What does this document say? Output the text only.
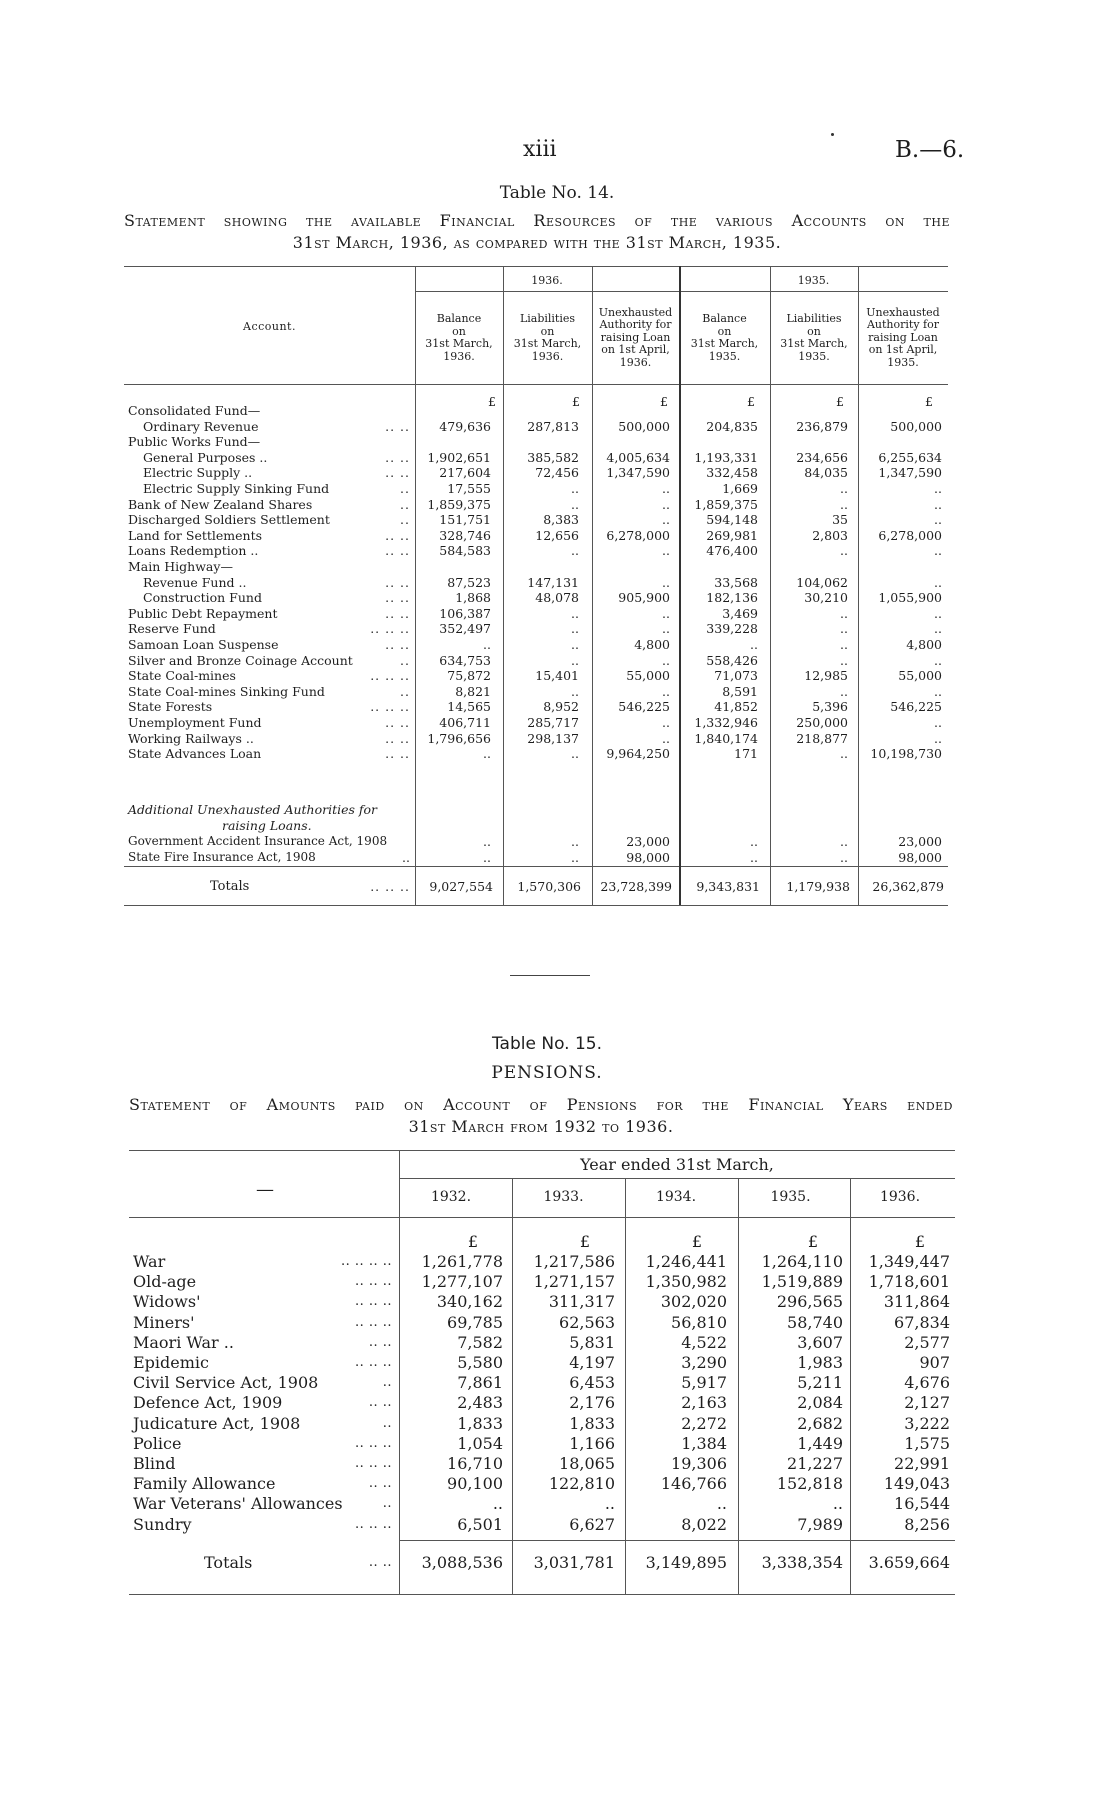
xiii	B.—6.
Table No. 14.
Statement showing the available Financial Resources of the various Accounts on the
31st March, 1936, as compared with the 31st March, 1935.
1936.	1935.
Account.
Balance
on
31st March,
1936.
Liabilities
on
31st March,
1936.
Unexhausted
Authority for
raising Loan
on 1st April,
1936.
Balance
on
31st March,
1935.
Liabilities
on
31st March,
1935.
Unexhausted
Authority for
raising Loan
on 1st April,
1935.
£	£	£	£	£	£
Consolidated Fund—
Ordinary Revenue	.. ..	479,636	287,813	500,000	204,835	236,879	500,000
Public Works Fund—
General Purposes ..	.. ..	1,902,651	385,582	4,005,634	1,193,331	234,656	6,255,634
Electric Supply ..	.. ..	217,604	72,456	1,347,590	332,458	84,035	1,347,590
Electric Supply Sinking Fund	..	17,555	..	..	1,669	..	..
Bank of New Zealand Shares	..	1,859,375	..	..	1,859,375	..	..
Discharged Soldiers Settlement	..	151,751	8,383	..	594,148	35	..
Land for Settlements	.. ..	328,746	12,656	6,278,000	269,981	2,803	6,278,000
Loans Redemption ..	.. ..	584,583	..	..	476,400	..	..
Main Highway—
Revenue Fund ..	.. ..	87,523	147,131	..	33,568	104,062	..
Construction Fund	.. ..	1,868	48,078	905,900	182,136	30,210	1,055,900
Public Debt Repayment	.. ..	106,387	..	..	3,469	..	..
Reserve Fund	.. .. ..	352,497	..	..	339,228	..	..
Samoan Loan Suspense	.. ..	..	..	4,800	..	..	4,800
Silver and Bronze Coinage Account	..	634,753	..	..	558,426	..	..
State Coal-mines	.. .. ..	75,872	15,401	55,000	71,073	12,985	55,000
State Coal-mines Sinking Fund	..	8,821	..	..	8,591	..	..
State Forests	.. .. ..	14,565	8,952	546,225	41,852	5,396	546,225
Unemployment Fund	.. ..	406,711	285,717	..	1,332,946	250,000	..
Working Railways ..	.. ..	1,796,656	298,137	..	1,840,174	218,877	..
State Advances Loan	.. ..	..	..	9,964,250	171	..	10,198,730
Additional Unexhausted Authorities for
raising Loans.
Government Accident Insurance Act, 1908	..	..	23,000	..	..	23,000
State Fire Insurance Act, 1908	..	..	..	98,000	..	..	98,000
Totals	.. .. ..	9,027,554	1,570,306	23,728,399	9,343,831	1,179,938	26,362,879
Table No. 15.
PENSIONS.
Statement of Amounts paid on Account of Pensions for the Financial Years ended
31st March from 1932 to 1936.
Year ended 31st March,
—	1932.	1933.	1934.	1935.	1936.
£	£	£	£	£
War	.. .. .. ..	1,261,778	1,217,586	1,246,441	1,264,110	1,349,447
Old-age	.. .. ..	1,277,107	1,271,157	1,350,982	1,519,889	1,718,601
Widows'	.. .. ..	340,162	311,317	302,020	296,565	311,864
Miners'	.. .. ..	69,785	62,563	56,810	58,740	67,834
Maori War ..	.. ..	7,582	5,831	4,522	3,607	2,577
Epidemic	.. .. ..	5,580	4,197	3,290	1,983	907
Civil Service Act, 1908	..	7,861	6,453	5,917	5,211	4,676
Defence Act, 1909	.. ..	2,483	2,176	2,163	2,084	2,127
Judicature Act, 1908	..	1,833	1,833	2,272	2,682	3,222
Police	.. .. ..	1,054	1,166	1,384	1,449	1,575
Blind	.. .. ..	16,710	18,065	19,306	21,227	22,991
Family Allowance	.. ..	90,100	122,810	146,766	152,818	149,043
War Veterans' Allowances	..	..	..	..	..	16,544
Sundry	.. .. ..	6,501	6,627	8,022	7,989	8,256
Totals	.. ..	3,088,536	3,031,781	3,149,895	3,338,354	3.659,664
